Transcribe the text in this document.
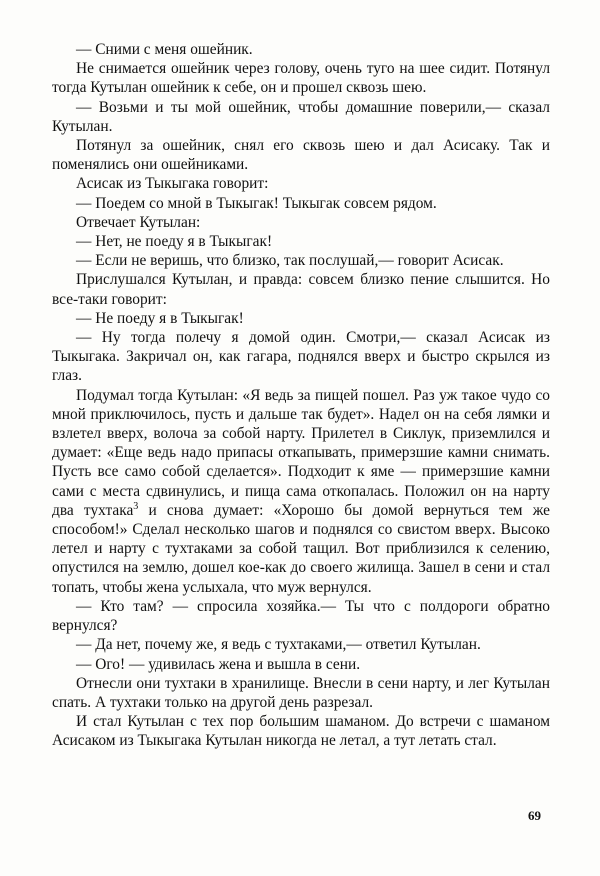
— Сними с меня ошейник.

Не снимается ошейник через голову, очень туго на шее сидит. Потянул тогда Кутылан ошейник к себе, он и прошел сквозь шею.

— Возьми и ты мой ошейник, чтобы домашние поверили,— сказал Кутылан.

Потянул за ошейник, снял его сквозь шею и дал Асисаку. Так и поменялись они ошейниками.

Асисак из Тыкыгака говорит:

— Поедем со мной в Тыкыгак! Тыкыгак совсем рядом.

Отвечает Кутылан:

— Нет, не поеду я в Тыкыгак!

— Если не веришь, что близко, так послушай,— говорит Асисак.

Прислушался Кутылан, и правда: совсем близко пение слышится. Но все-таки говорит:

— Не поеду я в Тыкыгак!

— Ну тогда полечу я домой один. Смотри,— сказал Асисак из Тыкыгака. Закричал он, как гагара, поднялся вверх и быстро скрылся из глаз.

Подумал тогда Кутылан: «Я ведь за пищей пошел. Раз уж такое чудо со мной приключилось, пусть и дальше так будет». Надел он на себя лямки и взлетел вверх, волоча за собой нарту. Прилетел в Сиклук, приземлился и думает: «Еще ведь надо припасы откапывать, примерзшие камни снимать. Пусть все само собой сделается». Подходит к яме — примерзшие камни сами с места сдвинулись, и пища сама откопалась. Положил он на нарту два тухтака$^3$ и снова думает: «Хорошо бы домой вернуться тем же способом!» Сделал несколько шагов и поднялся со свистом вверх. Высоко летел и нарту с тухтаками за собой тащил. Вот приблизился к селению, опустился на землю, дошел кое-как до своего жилища. Зашел в сени и стал топать, чтобы жена услыхала, что муж вернулся.

— Кто там? — спросила хозяйка.— Ты что с полдороги обратно вернулся?

— Да нет, почему же, я ведь с тухтаками,— ответил Кутылан.

— Ого! — удивилась жена и вышла в сени.

Отнесли они тухтаки в хранилище. Внесли в сени нарту, и лег Кутылан спать. А тухтаки только на другой день разрезал.

И стал Кутылан с тех пор большим шаманом. До встречи с шаманом Асисаком из Тыкыгака Кутылан никогда не летал, а тут летать стал.

69
